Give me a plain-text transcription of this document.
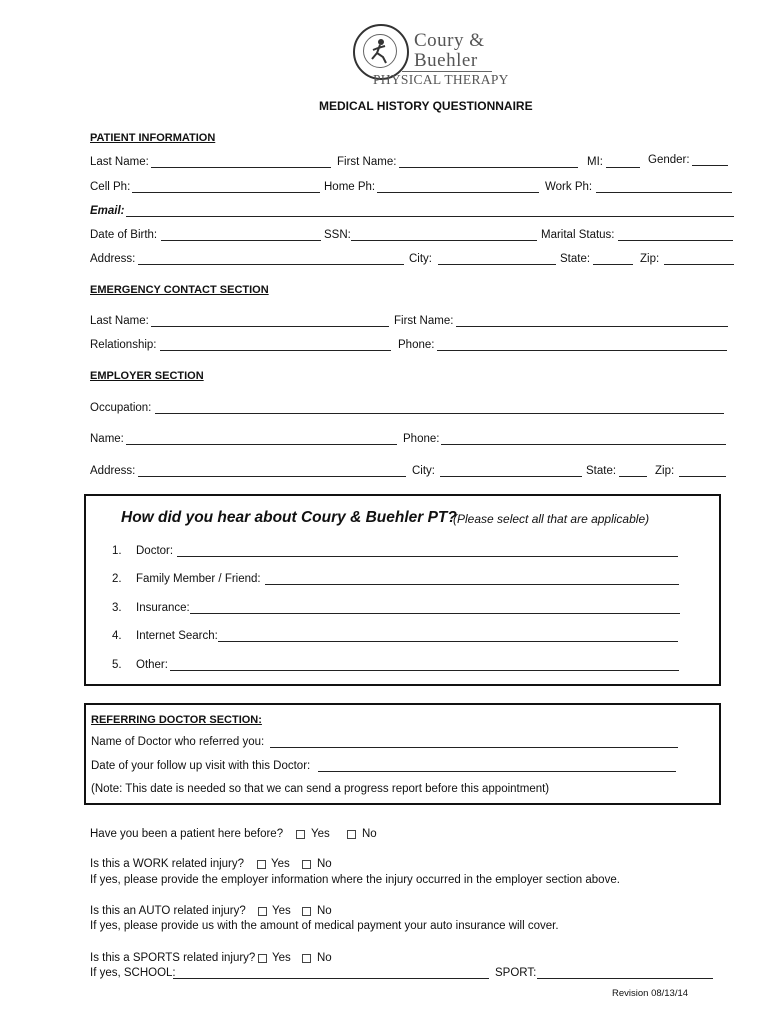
Coury &
Buehler
PHYSICAL THERAPY
MEDICAL HISTORY QUESTIONNAIRE
PATIENT INFORMATION
Last Name:	First Name:	MI:	Gender:
Cell Ph:	Home Ph:	Work Ph:
Email:
Date of Birth:	SSN:	Marital Status:
Address:	City:	State:	Zip:
EMERGENCY CONTACT SECTION
Last Name:	First Name:
Relationship:	Phone:
EMPLOYER SECTION
Occupation:
Name:	Phone:
Address:	City:	State:	Zip:
How did you hear about Coury & Buehler PT?
(Please select all that are applicable)
1. Doctor:
2. Family Member / Friend:
3. Insurance:
4. Internet Search:
5. Other:
REFERRING DOCTOR SECTION:
Name of Doctor who referred you:
Date of your follow up visit with this Doctor:
(Note: This date is needed so that we can send a progress report before this appointment)
Have you been a patient here before? Yes	No
Is this a WORK related injury? Yes No
If yes, please provide the employer information where the injury occurred in the employer section above.
Is this an AUTO related injury? Yes No
If yes, please provide us with the amount of medical payment your auto insurance will cover.
Is this a SPORTS related injury? Yes No
If yes, SCHOOL:	SPORT:
Revision 08/13/14
